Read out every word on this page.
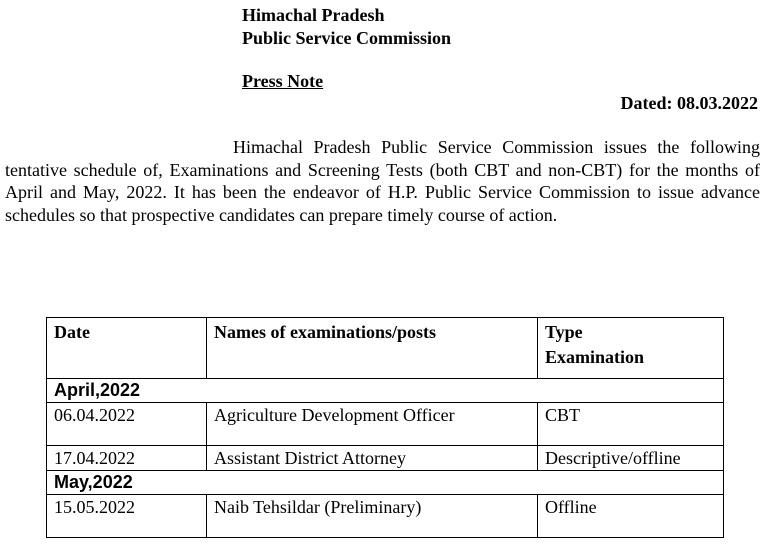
Himachal Pradesh
Public Service Commission
Press Note
Dated: 08.03.2022

Himachal Pradesh Public Service Commission issues the following tentative schedule of, Examinations and Screening Tests (both CBT and non-CBT) for the months of April and May, 2022. It has been the endeavor of H.P. Public Service Commission to issue advance schedules so that prospective candidates can prepare timely course of action.

Date	Names of examinations/posts	Type
Examination

April,2022		
06.04.2022	Agriculture Development Officer	CBT
17.04.2022	Assistant District Attorney	Descriptive/offline
May,2022		
15.05.2022	Naib Tehsildar (Preliminary)	Offline
